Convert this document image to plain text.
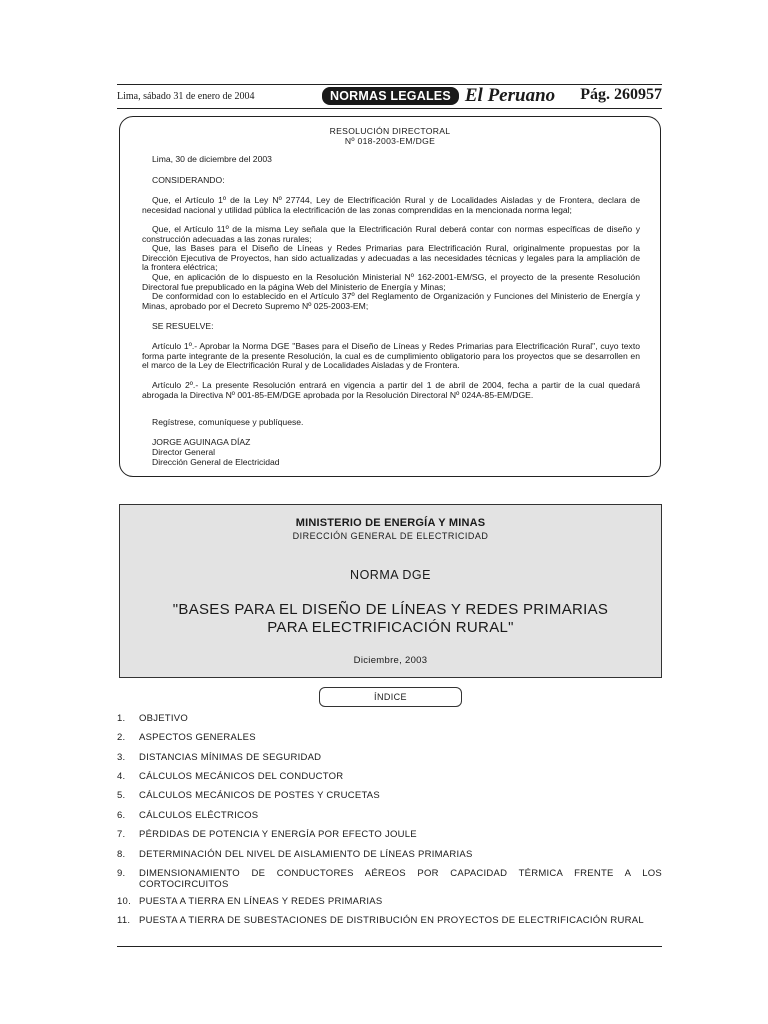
Lima, sábado 31 de enero de 2004	NORMAS LEGALES El Peruano Pág. 260957
RESOLUCIÓN DIRECTORAL
Nº 018-2003-EM/DGE
Lima, 30 de diciembre del 2003
CONSIDERANDO:
Que, el Artículo 1º de la Ley Nº 27744, Ley de Electrificación Rural y de Localidades Aisladas y de Frontera, declara de necesidad nacional y utilidad pública la electrificación de las zonas comprendidas en la mencionada norma legal;
Que, el Artículo 11º de la misma Ley señala que la Electrificación Rural deberá contar con normas específicas de diseño y construcción adecuadas a las zonas rurales;
Que, las Bases para el Diseño de Líneas y Redes Primarias para Electrificación Rural, originalmente propuestas por la Dirección Ejecutiva de Proyectos, han sido actualizadas y adecuadas a las necesidades técnicas y legales para la ampliación de la frontera eléctrica;
Que, en aplicación de lo dispuesto en la Resolución Ministerial Nº 162-2001-EM/SG, el proyecto de la presente Resolución Directoral fue prepublicado en la página Web del Ministerio de Energía y Minas;
De conformidad con lo establecido en el Artículo 37º del Reglamento de Organización y Funciones del Ministerio de Energía y Minas, aprobado por el Decreto Supremo Nº 025-2003-EM;
SE RESUELVE:
Artículo 1º.- Aprobar la Norma DGE "Bases para el Diseño de Líneas y Redes Primarias para Electrificación Rural", cuyo texto forma parte integrante de la presente Resolución, la cual es de cumplimiento obligatorio para los proyectos que se desarrollen en el marco de la Ley de Electrificación Rural y de Localidades Aisladas y de Frontera.
Artículo 2º.- La presente Resolución entrará en vigencia a partir del 1 de abril de 2004, fecha a partir de la cual quedará abrogada la Directiva Nº 001-85-EM/DGE aprobada por la Resolución Directoral Nº 024A-85-EM/DGE.
Regístrese, comuníquese y publíquese.
JORGE AGUINAGA DÍAZ
Director General
Dirección General de Electricidad
MINISTERIO DE ENERGÍA Y MINAS
DIRECCIÓN GENERAL DE ELECTRICIDAD
NORMA DGE
"BASES PARA EL DISEÑO DE LÍNEAS Y REDES PRIMARIAS
PARA ELECTRIFICACIÓN RURAL"
Diciembre, 2003
ÍNDICE
1. OBJETIVO
2. ASPECTOS GENERALES
3. DISTANCIAS MÍNIMAS DE SEGURIDAD
4. CÁLCULOS MECÁNICOS DEL CONDUCTOR
5. CÁLCULOS MECÁNICOS DE POSTES Y CRUCETAS
6. CÁLCULOS ELÉCTRICOS
7. PÉRDIDAS DE POTENCIA Y ENERGÍA POR EFECTO JOULE
8. DETERMINACIÓN DEL NIVEL DE AISLAMIENTO DE LÍNEAS PRIMARIAS
9. DIMENSIONAMIENTO DE CONDUCTORES AÉREOS POR CAPACIDAD TÉRMICA FRENTE A LOS CORTOCIRCUITOS
10. PUESTA A TIERRA EN LÍNEAS Y REDES PRIMARIAS
11. PUESTA A TIERRA DE SUBESTACIONES DE DISTRIBUCIÓN EN PROYECTOS DE ELECTRIFICACIÓN RURAL
